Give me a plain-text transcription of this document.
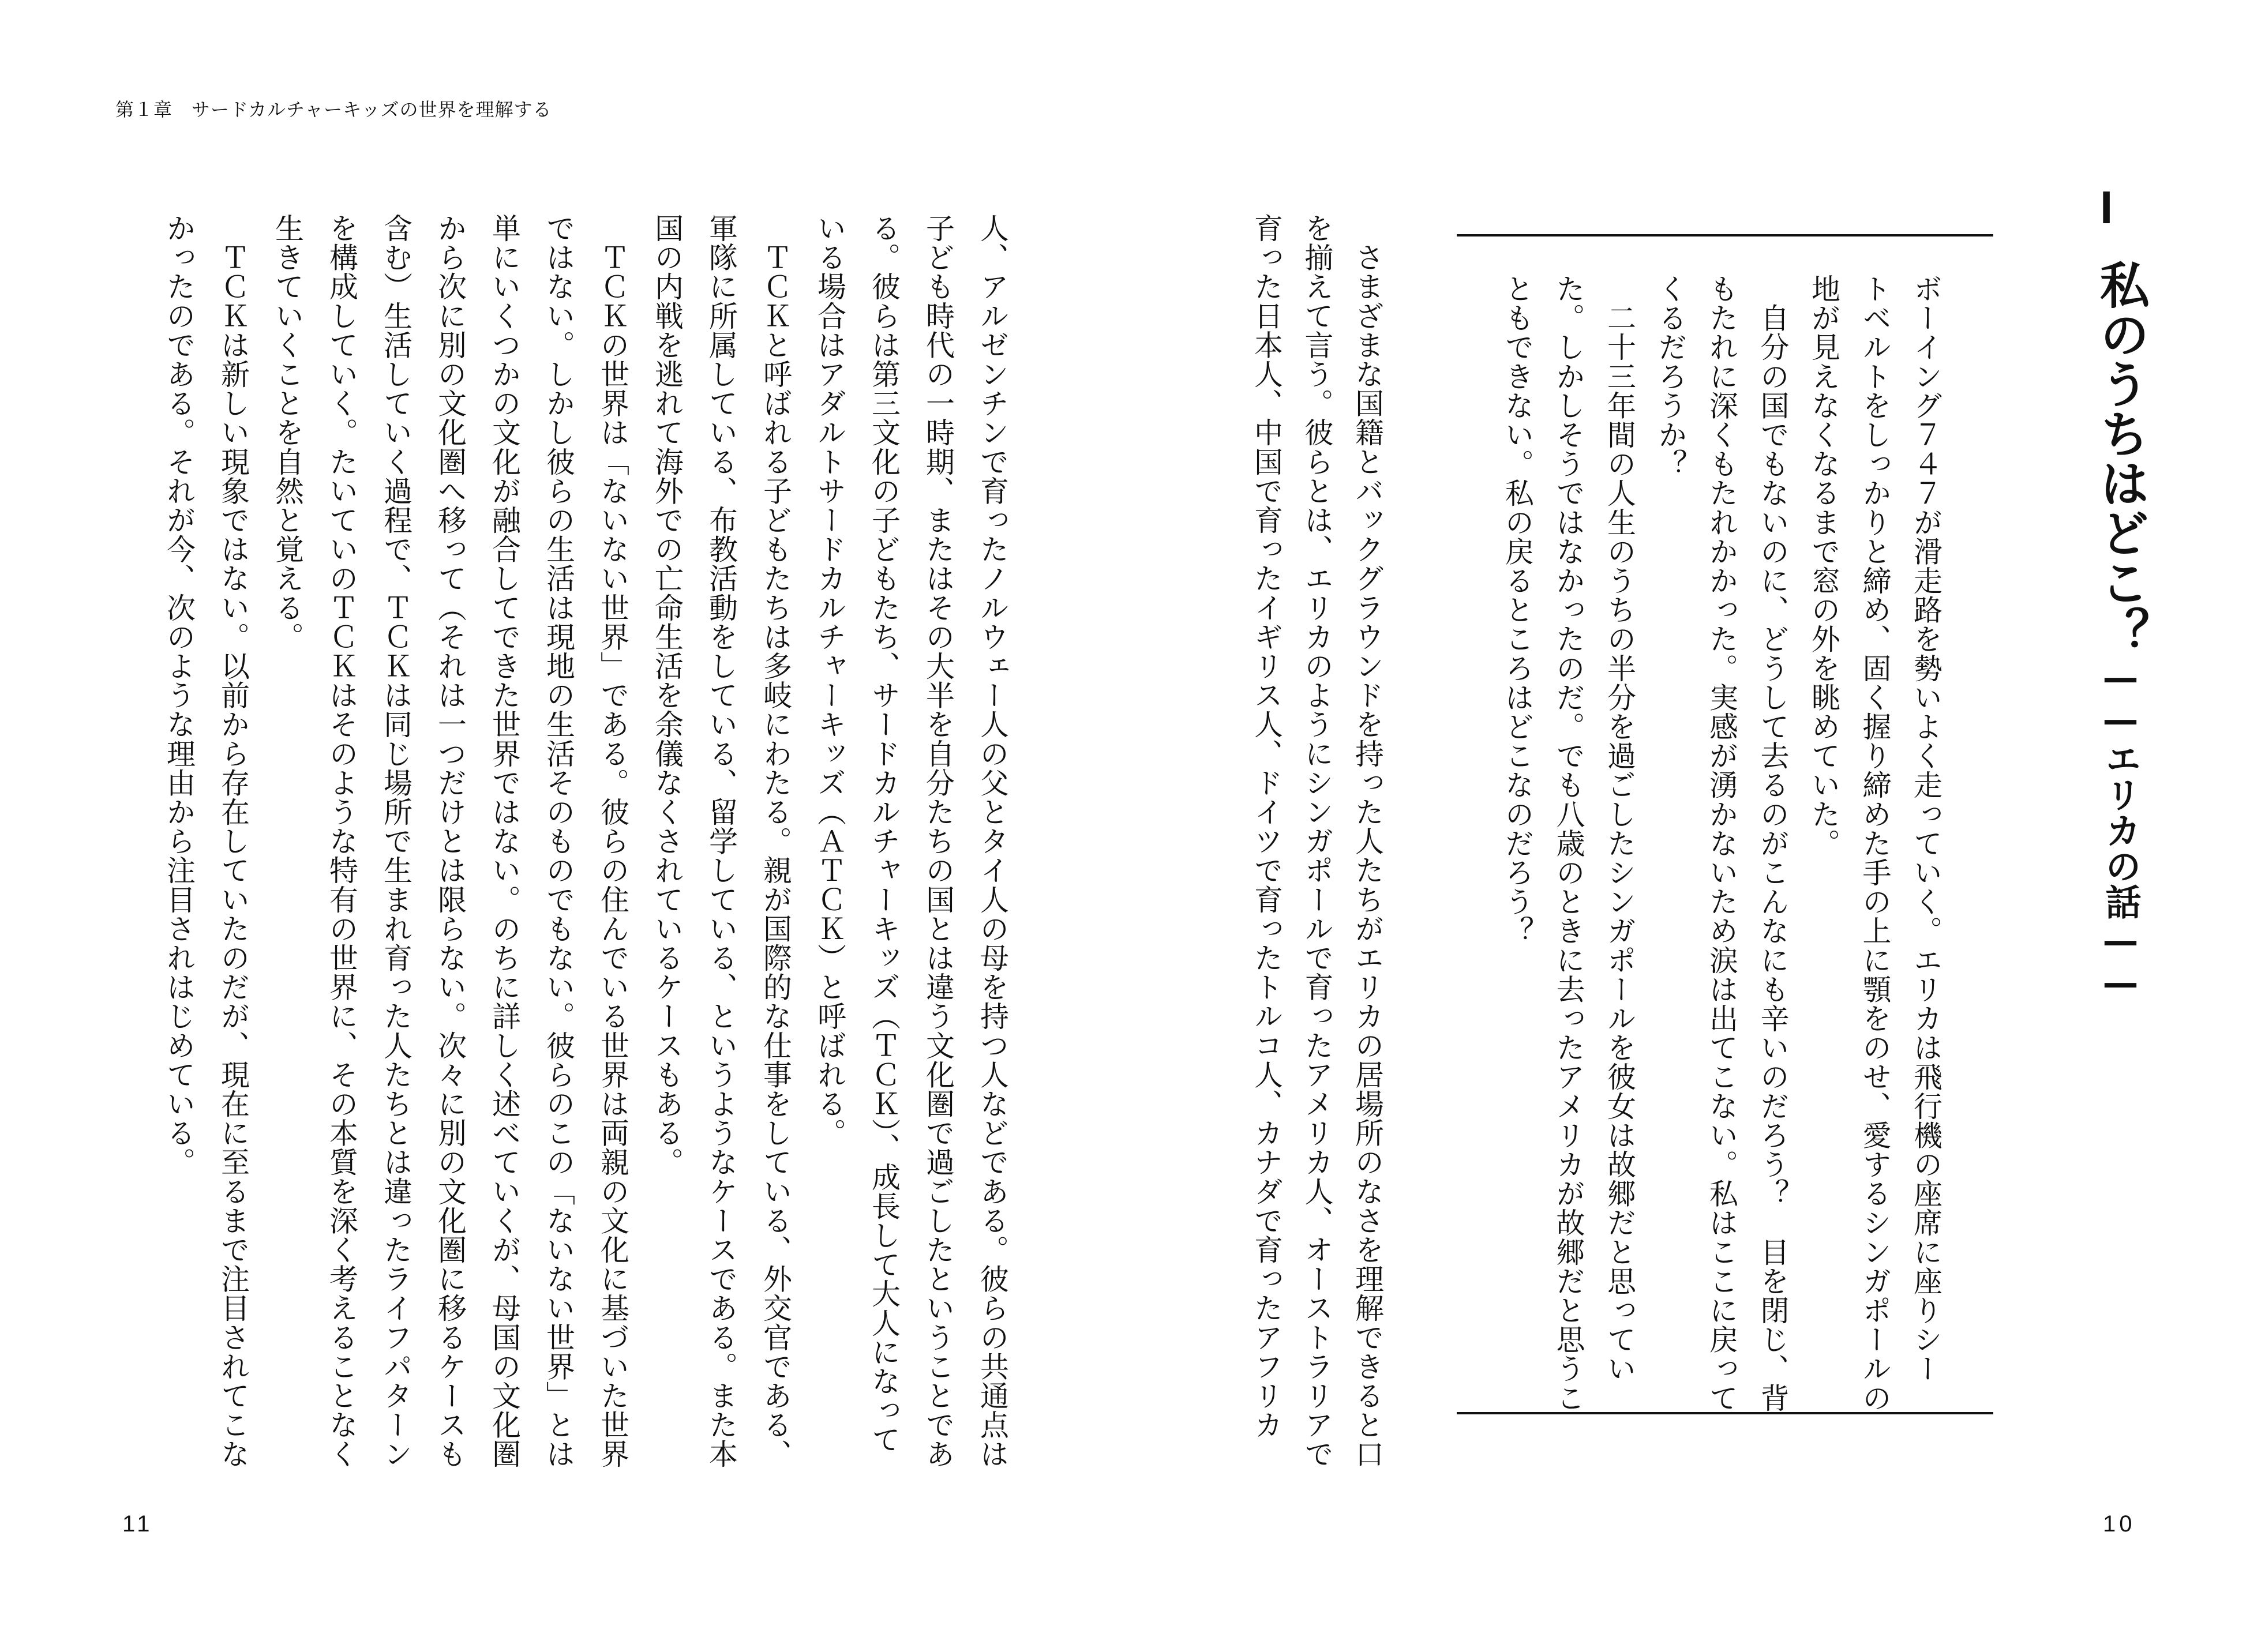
第１章　サードカルチャーキッズの世界を理解する
11	10
I
私のうちはどこ？——エリカの話——
ボーイング７４７が滑走路を勢いよく走っていく。エリカは飛行機の座席に座りシー
トベルトをしっかりと締め、固く握り締めた手の上に顎をのせ、愛するシンガポールの
地が見えなくなるまで窓の外を眺めていた。
　自分の国でもないのに、どうして去るのがこんなにも辛いのだろう？　目を閉じ、背
もたれに深くもたれかかった。実感が湧かないため涙は出てこない。私はここに戻って
くるだろうか？
　二十三年間の人生のうちの半分を過ごしたシンガポールを彼女は故郷だと思ってい
た。しかしそうではなかったのだ。でも八歳のときに去ったアメリカが故郷だと思うこ
ともできない。私の戻るところはどこなのだろう？
　さまざまな国籍とバックグラウンドを持った人たちがエリカの居場所のなさを理解できると口
を揃えて言う。彼らとは、エリカのようにシンガポールで育ったアメリカ人、オーストラリアで
育った日本人、中国で育ったイギリス人、ドイツで育ったトルコ人、カナダで育ったアフリカ
人、アルゼンチンで育ったノルウェー人の父とタイ人の母を持つ人などである。彼らの共通点は
子ども時代の一時期、またはその大半を自分たちの国とは違う文化圏で過ごしたということであ
る。彼らは第三文化の子どもたち、サードカルチャーキッズ（ＴＣＫ）、成長して大人になって
いる場合はアダルトサードカルチャーキッズ（ＡＴＣＫ）と呼ばれる。
　ＴＣＫと呼ばれる子どもたちは多岐にわたる。親が国際的な仕事をしている、外交官である、
軍隊に所属している、布教活動をしている、留学している、というようなケースである。また本
国の内戦を逃れて海外での亡命生活を余儀なくされているケースもある。
　ＴＣＫの世界は「ないない世界」である。彼らの住んでいる世界は両親の文化に基づいた世界
ではない。しかし彼らの生活は現地の生活そのものでもない。彼らのこの「ないない世界」とは
単にいくつかの文化が融合してできた世界ではない。のちに詳しく述べていくが、母国の文化圏
から次に別の文化圏へ移って（それは一つだけとは限らない。次々に別の文化圏に移るケースも
含む）生活していく過程で、ＴＣＫは同じ場所で生まれ育った人たちとは違ったライフパターン
を構成していく。たいていのＴＣＫはそのような特有の世界に、その本質を深く考えることなく
生きていくことを自然と覚える。
　ＴＣＫは新しい現象ではない。以前から存在していたのだが、現在に至るまで注目されてこな
かったのである。それが今、次のような理由から注目されはじめている。
